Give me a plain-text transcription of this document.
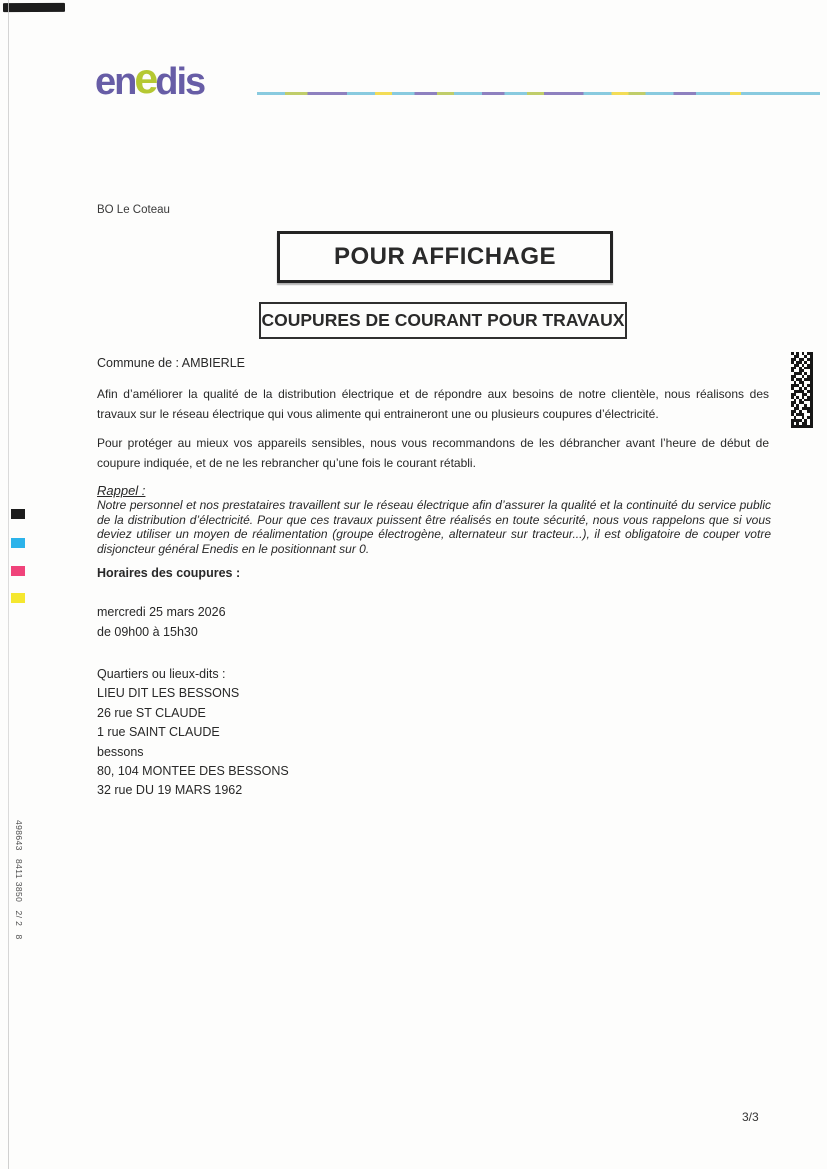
498643   8411 3850   2/ 2   8
en e dis
BO Le Coteau
POUR AFFICHAGE
COUPURES DE COURANT POUR TRAVAUX
Commune de : AMBIERLE
Afin d’améliorer la qualité de la distribution électrique et de répondre aux besoins de notre clientèle, nous réalisons des travaux sur le réseau électrique qui vous alimente qui entraineront une ou plusieurs coupures d’électricité.
Pour protéger au mieux vos appareils sensibles, nous vous recommandons de les débrancher avant l’heure de début de coupure indiquée, et de ne les rebrancher qu’une fois le courant rétabli.
Rappel :
Notre personnel et nos prestataires travaillent sur le réseau électrique afin d’assurer la qualité et la continuité du service public de la distribution d’électricité. Pour que ces travaux puissent être réalisés en toute sécurité, nous vous rappelons que si vous deviez utiliser un moyen de réalimentation (groupe électrogène, alternateur sur tracteur...), il est obligatoire de couper votre disjoncteur général Enedis en le positionnant sur 0.
Horaires des coupures :
mercredi 25 mars 2026
de 09h00 à 15h30
Quartiers ou lieux-dits :
LIEU DIT LES BESSONS
26 rue ST CLAUDE
1 rue SAINT CLAUDE
bessons
80, 104 MONTEE DES BESSONS
32 rue DU 19 MARS 1962
3/3
